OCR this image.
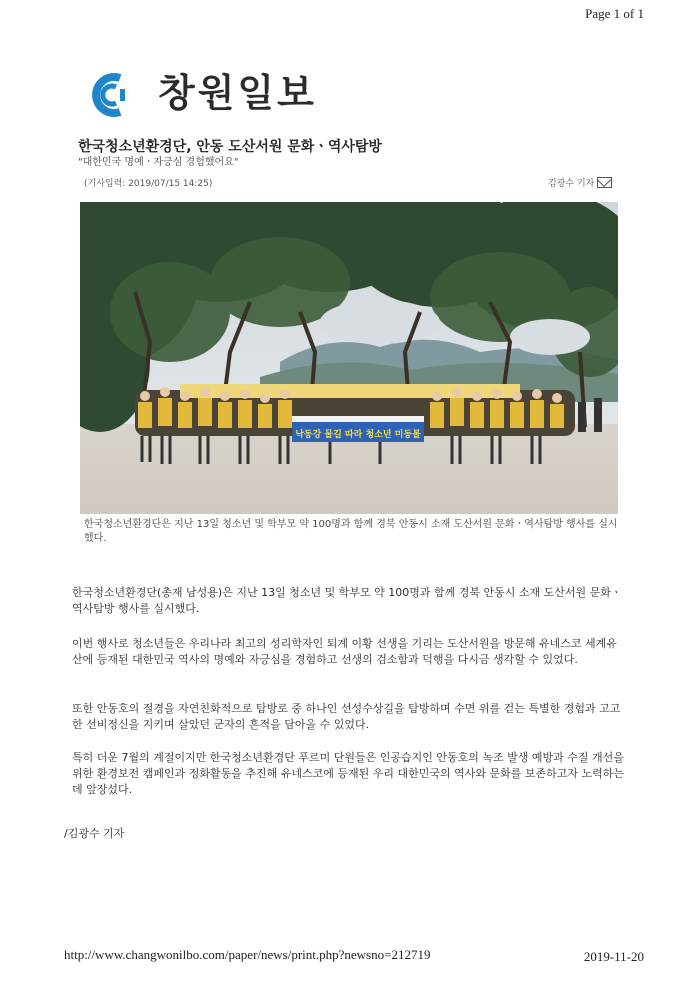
Page 1 of 1
창원일보
한국청소년환경단, 안동 도산서원 문화ㆍ역사탐방
"대한민국 명예ㆍ자긍심 경험했어요"
(기사입력: 2019/07/15 14:25)	김광수 기자
낙동강 물길 따라 청소년 미동볼
한국청소년환경단은 지난 13일 청소년 및 학부모 약 100명과 함께 경북 안동시 소재 도산서원 문화ㆍ역사탐방 행사를 실시했다.
한국청소년환경단(총재 남성용)은 지난 13일 청소년 및 학부모 약 100명과 함께 경북 안동시 소재 도산서원 문화ㆍ역사탐방 행사를 실시했다.
이번 행사로 청소년들은 우리나라 최고의 성리학자인 퇴계 이황 선생을 기리는 도산서원을 방문해 유네스코 세계유산에 등재된 대한민국 역사의 명예와 자긍심을 경험하고 선생의 검소함과 덕행을 다시금 생각할 수 있었다.
또한 안동호의 절경을 자연친화적으로 탐방로 중 하나인 선성수상길을 탐방하며 수면 위를 걷는 특별한 경험과 고고한 선비정신을 지키며 살았던 군자의 흔적을 담아올 수 있었다.
특히 더운 7월의 계절이지만 한국청소년환경단 푸르미 단원들은 인공습지인 안동호의 녹조 발생 예방과 수질 개선을 위한 환경보전 캠페인과 정화활동을 추진해 유네스코에 등재된 우리 대한민국의 역사와 문화를 보존하고자 노력하는데 앞장섰다.
/김광수 기자
http://www.changwonilbo.com/paper/news/print.php?newsno=212719	2019-11-20
